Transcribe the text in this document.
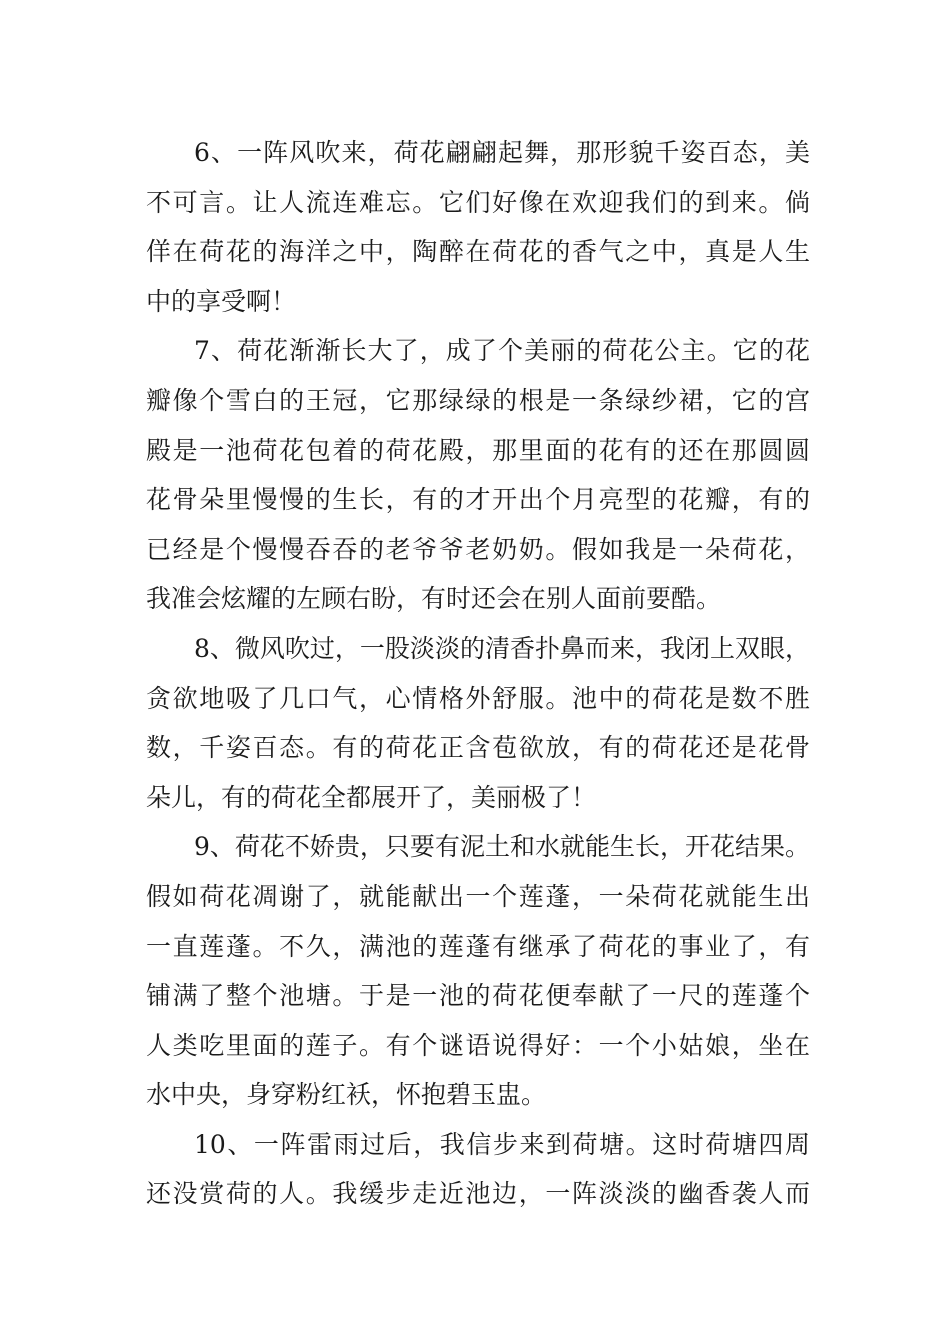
6、一阵风吹来，荷花翩翩起舞，那形貌千姿百态，美
不可言。让人流连难忘。它们好像在欢迎我们的到来。倘
佯在荷花的海洋之中，陶醉在荷花的香气之中，真是人生
中的享受啊！
7、荷花渐渐长大了，成了个美丽的荷花公主。它的花
瓣像个雪白的王冠，它那绿绿的根是一条绿纱裙，它的宫
殿是一池荷花包着的荷花殿，那里面的花有的还在那圆圆
花骨朵里慢慢的生长，有的才开出个月亮型的花瓣，有的
已经是个慢慢吞吞的老爷爷老奶奶。假如我是一朵荷花，
我准会炫耀的左顾右盼，有时还会在别人面前要酷。
8、微风吹过，一股淡淡的清香扑鼻而来，我闭上双眼，
贪欲地吸了几口气，心情格外舒服。池中的荷花是数不胜
数，千姿百态。有的荷花正含苞欲放，有的荷花还是花骨
朵儿，有的荷花全都展开了，美丽极了！
9、荷花不娇贵，只要有泥土和水就能生长，开花结果。
假如荷花凋谢了，就能献出一个莲蓬，一朵荷花就能生出
一直莲蓬。不久，满池的莲蓬有继承了荷花的事业了，有
铺满了整个池塘。于是一池的荷花便奉献了一尺的莲蓬个
人类吃里面的莲子。有个谜语说得好：一个小姑娘，坐在
水中央，身穿粉红袄，怀抱碧玉盅。
10、一阵雷雨过后，我信步来到荷塘。这时荷塘四周
还没赏荷的人。我缓步走近池边，一阵淡淡的幽香袭人而
